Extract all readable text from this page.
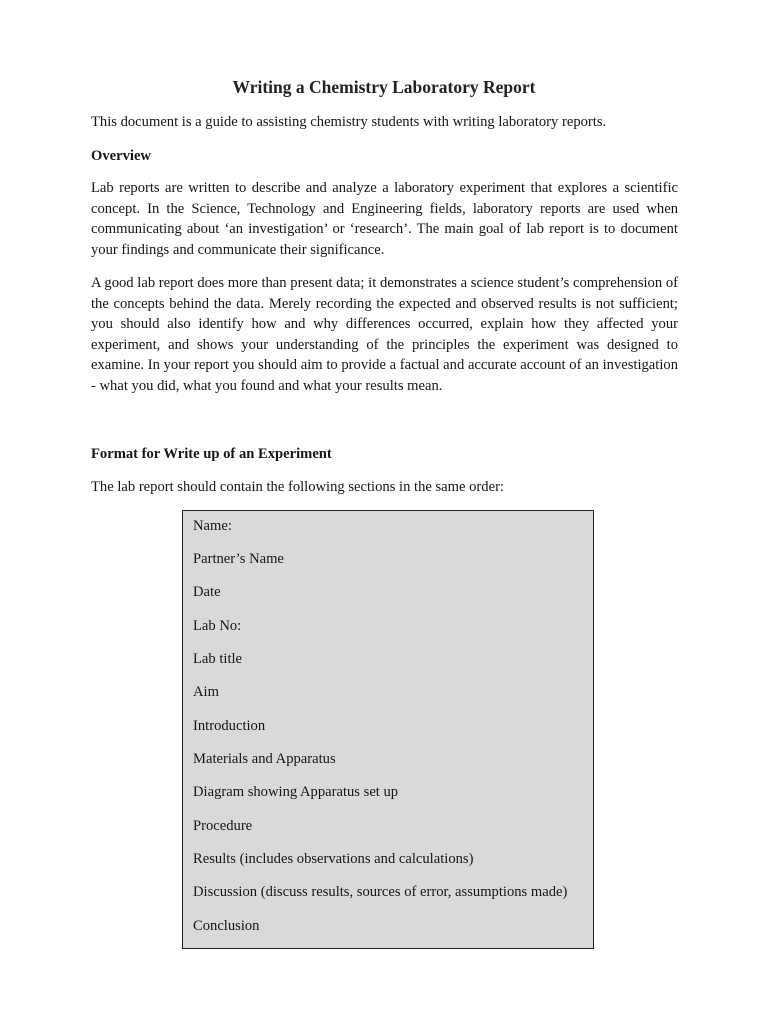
Writing a Chemistry Laboratory Report

This document is a guide to assisting chemistry students with writing laboratory reports.

Overview

Lab reports are written to describe and analyze a laboratory experiment that explores a scientific concept. In the Science, Technology and Engineering fields, laboratory reports are used when communicating about ‘an investigation’ or ‘research’. The main goal of lab report is to document your findings and communicate their significance.

A good lab report does more than present data; it demonstrates a science student’s comprehension of the concepts behind the data. Merely recording the expected and observed results is not sufficient; you should also identify how and why differences occurred, explain how they affected your experiment, and shows your understanding of the principles the experiment was designed to examine. In your report you should aim to provide a factual and accurate account of an investigation - what you did, what you found and what your results mean.

Format for Write up of an Experiment

The lab report should contain the following sections in the same order:

Name:
Partner’s Name
Date
Lab No:
Lab title
Aim
Introduction
Materials and Apparatus
Diagram showing Apparatus set up
Procedure
Results (includes observations and calculations)
Discussion (discuss results, sources of error, assumptions made)
Conclusion
